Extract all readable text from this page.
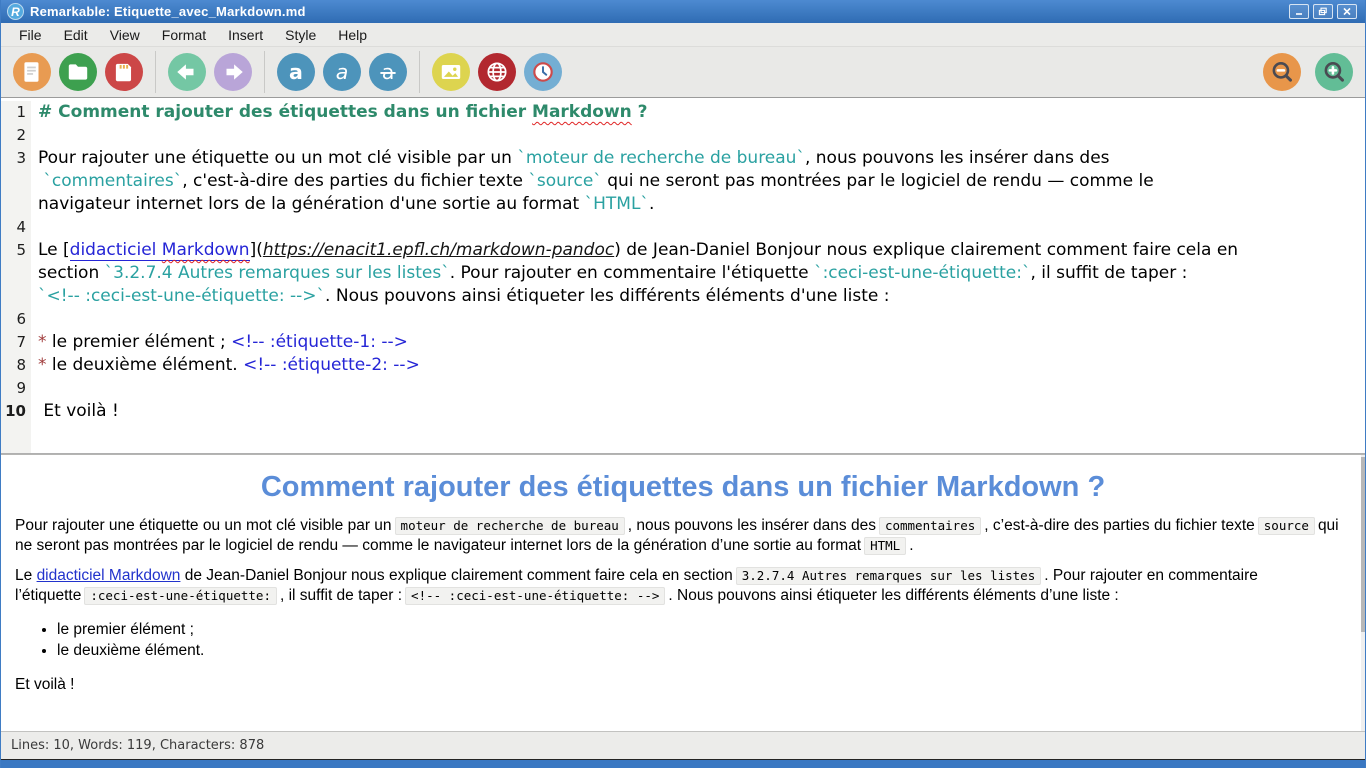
R Remarkable: Etiquette_avec_Markdown.md
File	Edit	View	Format	Insert	Style	Help
a a
1 # Comment rajouter des étiquettes dans un fichier Markdown ?
2
3 Pour rajouter une étiquette ou un mot clé visible par un `moteur de recherche de bureau`, nous pouvons les insérer dans des
`commentaires`, c'est-à-dire des parties du fichier texte `source` qui ne seront pas montrées par le logiciel de rendu — comme le
navigateur internet lors de la génération d'une sortie au format `HTML`.
4
5 Le [didacticiel Markdown](https://enacit1.epfl.ch/markdown-pandoc) de Jean-Daniel Bonjour nous explique clairement comment faire cela en
section `3.2.7.4 Autres remarques sur les listes`. Pour rajouter en commentaire l'étiquette `:ceci-est-une-étiquette:`, il suffit de taper :
`<!-- :ceci-est-une-étiquette: -->`. Nous pouvons ainsi étiqueter les différents éléments d'une liste :
6
7 * le premier élément ; <!-- :étiquette-1: -->
8 * le deuxième élément. <!-- :étiquette-2: -->
9
10 Et voilà !
Comment rajouter des étiquettes dans un fichier Markdown ?
Pour rajouter une étiquette ou un mot clé visible par un moteur de recherche de bureau , nous pouvons les insérer dans des commentaires , c’est-à-dire des parties du fichier texte source qui ne seront pas montrées par le logiciel de rendu — comme le navigateur internet lors de la génération d’une sortie au format HTML .
Le didacticiel Markdown de Jean-Daniel Bonjour nous explique clairement comment faire cela en section 3.2.7.4 Autres remarques sur les listes . Pour rajouter en commentaire l’étiquette :ceci-est-une-étiquette: , il suffit de taper : <!-- :ceci-est-une-étiquette: --> . Nous pouvons ainsi étiqueter les différents éléments d’une liste :
• le premier élément ;
• le deuxième élément.
Et voilà !
Lines: 10, Words: 119, Characters: 878
